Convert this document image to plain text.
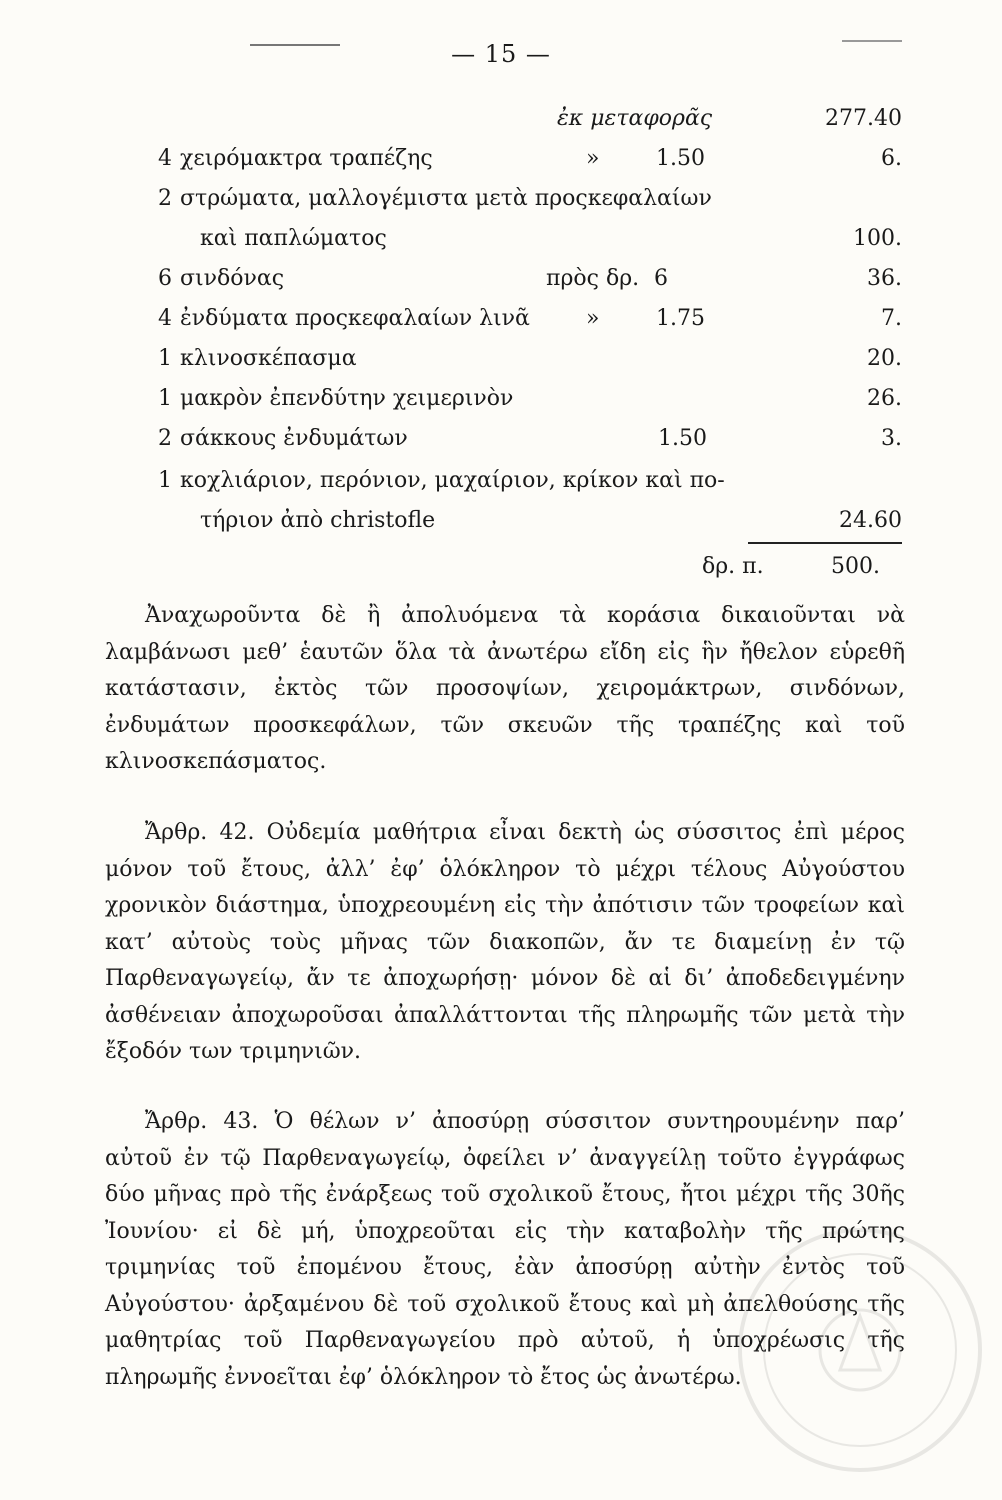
— 15 —
ἐκ μεταφορᾶς	277.40
4 χειρόμακτρα τραπέζης	»	1.50	6.
2 στρώματα, μαλλογέμιστα μετὰ προςκεφαλαίων
καὶ παπλώματος	100.
6 σινδόνας	πρὸς δρ. 6	36.
4 ἐνδύματα προςκεφαλαίων λινᾶ	»	1.75	7.
1 κλινοσκέπασμα	20.
1 μακρὸν ἐπενδύτην χειμερινὸν	26.
2 σάκκους ἐνδυμάτων	1.50	3.
1 κοχλιάριον, περόνιον, μαχαίριον, κρίκον καὶ πο-
τήριον ἀπὸ christofle	24.60
δρ. π.	500.
Ἀναχωροῦντα δὲ ἢ ἀπολυόμενα τὰ κοράσια δικαιοῦνται νὰ λαμβάνωσι μεθ’ ἑαυτῶν ὅλα τὰ ἀνωτέρω εἴδη εἰς ἣν ἤθελον εὑρεθῆ κατάστασιν, ἐκτὸς τῶν προσοψίων, χειρομάκτρων, σινδόνων, ἐνδυμάτων προσκεφάλων, τῶν σκευῶν τῆς τραπέζης καὶ τοῦ κλινοσκεπάσματος.
Ἄρθρ. 42. Οὐδεμία μαθήτρια εἶναι δεκτὴ ὡς σύσσιτος ἐπὶ μέρος μόνον τοῦ ἔτους, ἀλλ’ ἐφ’ ὁλόκληρον τὸ μέχρι τέλους Αὐγούστου χρονικὸν διάστημα, ὑποχρεουμένη εἰς τὴν ἀπότισιν τῶν τροφείων καὶ κατ’ αὐτοὺς τοὺς μῆνας τῶν διακοπῶν, ἄν τε διαμείνῃ ἐν τῷ Παρθεναγωγείῳ, ἄν τε ἀποχωρήσῃ· μόνον δὲ αἱ δι’ ἀποδεδειγμένην ἀσθένειαν ἀποχωροῦσαι ἀπαλλάττονται τῆς πληρωμῆς τῶν μετὰ τὴν ἔξοδόν των τριμηνιῶν.
Ἄρθρ. 43. Ὁ θέλων ν’ ἀποσύρῃ σύσσιτον συντηρουμένην παρ’ αὐτοῦ ἐν τῷ Παρθεναγωγείῳ, ὀφείλει ν’ ἀναγγείλῃ τοῦτο ἐγγράφως δύο μῆνας πρὸ τῆς ἐνάρξεως τοῦ σχολικοῦ ἔτους, ἤτοι μέχρι τῆς 30ῆς Ἰουνίου· εἰ δὲ μή, ὑποχρεοῦται εἰς τὴν καταβολὴν τῆς πρώτης τριμηνίας τοῦ ἐπομένου ἔτους, ἐὰν ἀποσύρῃ αὐτὴν ἐντὸς τοῦ Αὐγούστου· ἀρξαμένου δὲ τοῦ σχολικοῦ ἔτους καὶ μὴ ἀπελθούσης τῆς μαθητρίας τοῦ Παρθεναγωγείου πρὸ αὐτοῦ, ἡ ὑποχρέωσις τῆς πληρωμῆς ἐννοεῖται ἐφ’ ὁλόκληρον τὸ ἔτος ὡς ἀνωτέρω.
